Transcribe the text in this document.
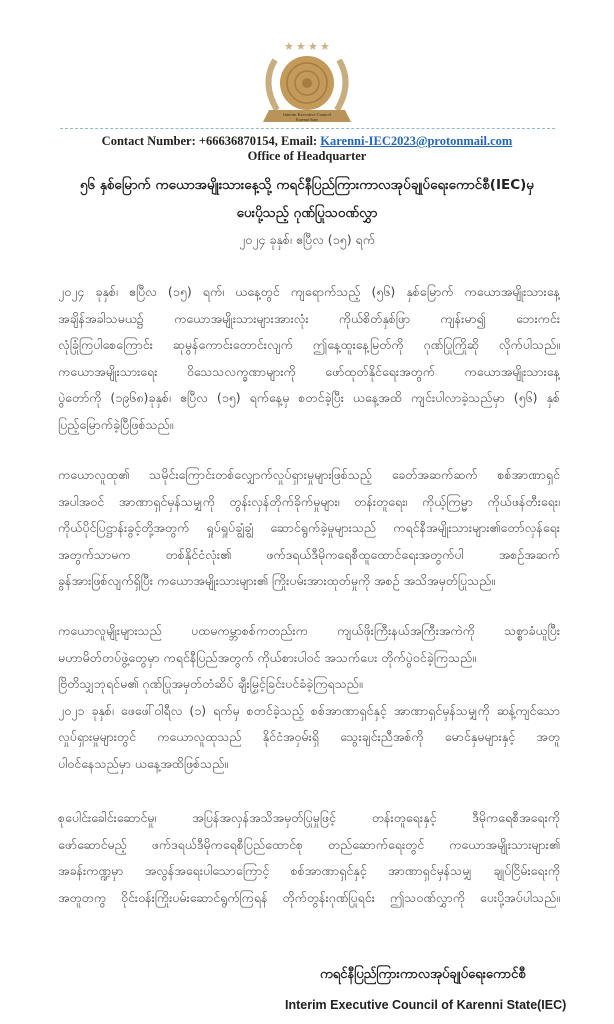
★ ★ ★ ★
Interim Executive Council
Karenni State
Contact Number: +66636870154, Email: Karenni-IEC2023@protonmail.com
Office of Headquarter
၅၆ နှစ်မြောက် ကယောအမျိုးသားနေ့သို့ ကရင်နီပြည်ကြားကာလအုပ်ချုပ်ရေးကောင်စီ(IEC)မှ
ပေးပို့သည့် ဂုဏ်ပြုသဝဏ်လွှာ
၂၀၂၄ ခုနှစ်၊ ဧပြီလ (၁၅) ရက်
၂၀၂၄ ခုနှစ်၊ ဧပြီလ (၁၅) ရက်၊ ယနေ့တွင် ကျရောက်သည့် (၅၆) နှစ်မြောက် ကယောအမျိုးသားနေ့
အချိန်အခါသမယ၌ ကယောအမျိုးသားများအားလုံး ကိုယ်စိတ်နှစ်ဖြာ ကျန်းမာ၍ ဘေးကင်း
လုံခြုံကြပါစေကြောင်း ဆုမွန်ကောင်းတောင်းလျက် ဤနေ့ထူးနေ့မြတ်ကို ဂုဏ်ပြုကြိုဆို လိုက်ပါသည်။
ကယောအမျိုးသားရေး ဝိသေသလက္ခဏာများကို ဖော်ထုတ်နိုင်ရေးအတွက် ကယောအမျိုးသားနေ့
ပွဲတော်ကို (၁၉၆၈)ခုနှစ်၊ ဧပြီလ (၁၅) ရက်နေ့မှ စတင်ခဲ့ပြီး ယနေ့အထိ ကျင်းပါလာခဲ့သည်မှာ (၅၆) နှစ်
ပြည့်မြောက်ခဲ့ပြီဖြစ်သည်။
ကယောလူထု၏ သမိုင်းကြောင်းတစ်လျှောက်လှုပ်ရှားမှုများဖြစ်သည့် ခေတ်အဆက်ဆက် စစ်အာဏာရှင်
အပါအဝင် အာဏာရှင်မှန်သမျှကို တွန်းလှန်တိုက်ခိုက်မှုများ၊ တန်းတူရေး၊ ကိုယ့်ကြမ္မာ ကိုယ်ဖန်တီးရေး၊
ကိုယ်ပိုင်ပြဋ္ဌာန်းခွင့်တို့အတွက် ရှုပ်ရှုပ်ချွံချွံ ဆောင်ရွက်ခဲ့မှုများသည် ကရင်နီအမျိုးသားများ၏တော်လှန်ရေး
အတွက်သာမက တစ်နိုင်ငံလုံး၏ ဖက်ဒရယ်ဒီမိုကရေစီထူထောင်ရေးအတွက်ပါ အစဉ်အဆက်
ခွန်အားဖြစ်လျက်ရှိပြီး ကယောအမျိုးသားများ၏ ကြိုးပမ်းအားထုတ်မှုကို အစဉ် အသိအမှတ်ပြုသည်။
ကယောလူမျိုးများသည် ပထမကမ္ဘာစစ်ကတည်းက ကျယ်ဖိုးကြီးနယ်အကြီးအကဲကို သစ္စာခံယူပြီး
မဟာမိတ်တပ်ဖွဲ့တွေမှာ ကရင်နီပြည်အတွက် ကိုယ်စားပါဝင် အသက်ပေး တိုက်ပွဲဝင်ခဲ့ကြသည်။
ဗြိတိသျှဘုရင်မ၏ ဂုဏ်ပြုအမှတ်တံဆိပ် ချီးမြှင့်ခြင်းပင်ခံခဲ့ကြရသည်။
၂၀၂၁ ခုနှစ်၊ ဖေဖေါ်ဝါရီလ (၁) ရက်မှ စတင်ခဲ့သည့် စစ်အာဏာရှင်နှင့် အာဏာရှင်မှန်သမျှကို ဆန့်ကျင်သော
လှုပ်ရှားမှုများတွင် ကယောလူထုသည် နိုင်ငံအဝှမ်းရှိ သွေးချင်းညီအစ်ကို မောင်နှမများနှင့် အတူ
ပါဝင်နေသည်မှာ ယနေ့အထိဖြစ်သည်။
စုပေါင်းခေါင်းဆောင်မှု၊ အပြန်အလှန်အသိအမှတ်ပြုမှုဖြင့် တန်းတူရေးနှင့် ဒီမိုကရေစီအရေးကို
ဖော်ဆောင်မည့် ဖက်ဒရယ်ဒီမိုကရေစီပြည်ထောင်စု တည်ဆောက်ရေးတွင် ကယောအမျိုးသားများ၏
အခန်းကဏ္ဍမှာ အလွန်အရေးပါသောကြောင့် စစ်အာဏာရှင်နှင့် အာဏာရှင်မှန်သမျှ ချုပ်ငြိမ်းရေးကို
အတူတကွ ဝိုင်းဝန်းကြိုးပမ်းဆောင်ရွက်ကြရန် တိုက်တွန်းဂုဏ်ပြုရင်း ဤသဝဏ်လွှာကို ပေးပို့အပ်ပါသည်။
ကရင်နီပြည်ကြားကာလအုပ်ချုပ်ရေးကောင်စီ
Interim Executive Council of Karenni State(IEC)
